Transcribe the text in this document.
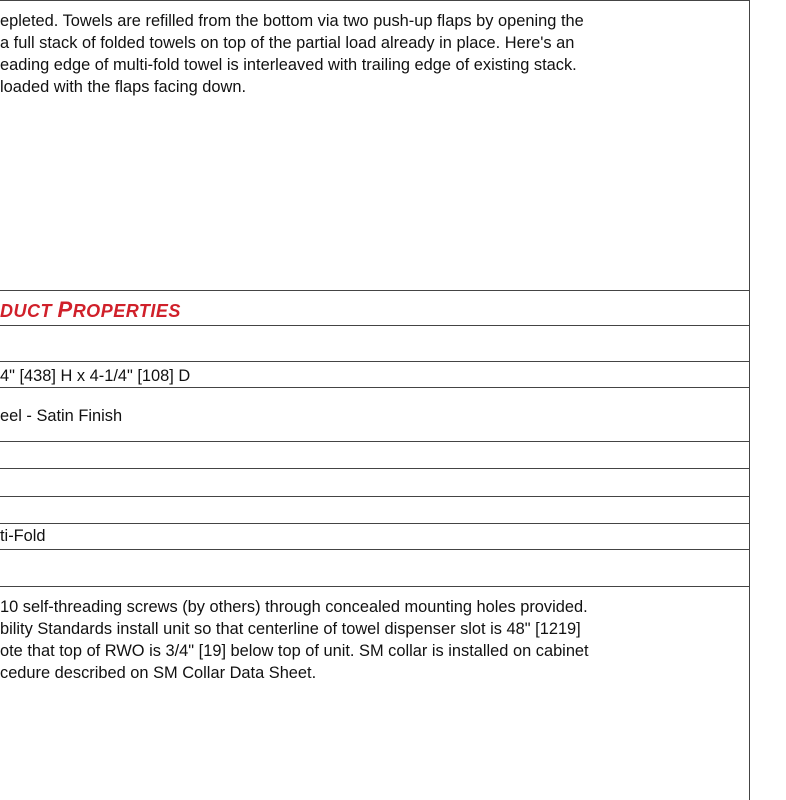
epleted. Towels are refilled from the bottom via two push-up flaps by opening the
a full stack of folded towels on top of the partial load already in place. Here's an
eading edge of multi-fold towel is interleaved with trailing edge of existing stack.
loaded with the flaps facing down.
DUCT PROPERTIES
4" [438] H x 4-1/4" [108] D
eel - Satin Finish
ti-Fold
10 self-threading screws (by others) through concealed mounting holes provided.
bility Standards install unit so that centerline of towel dispenser slot is 48" [1219]
ote that top of RWO is 3/4" [19] below top of unit. SM collar is installed on cabinet
cedure described on SM Collar Data Sheet.
